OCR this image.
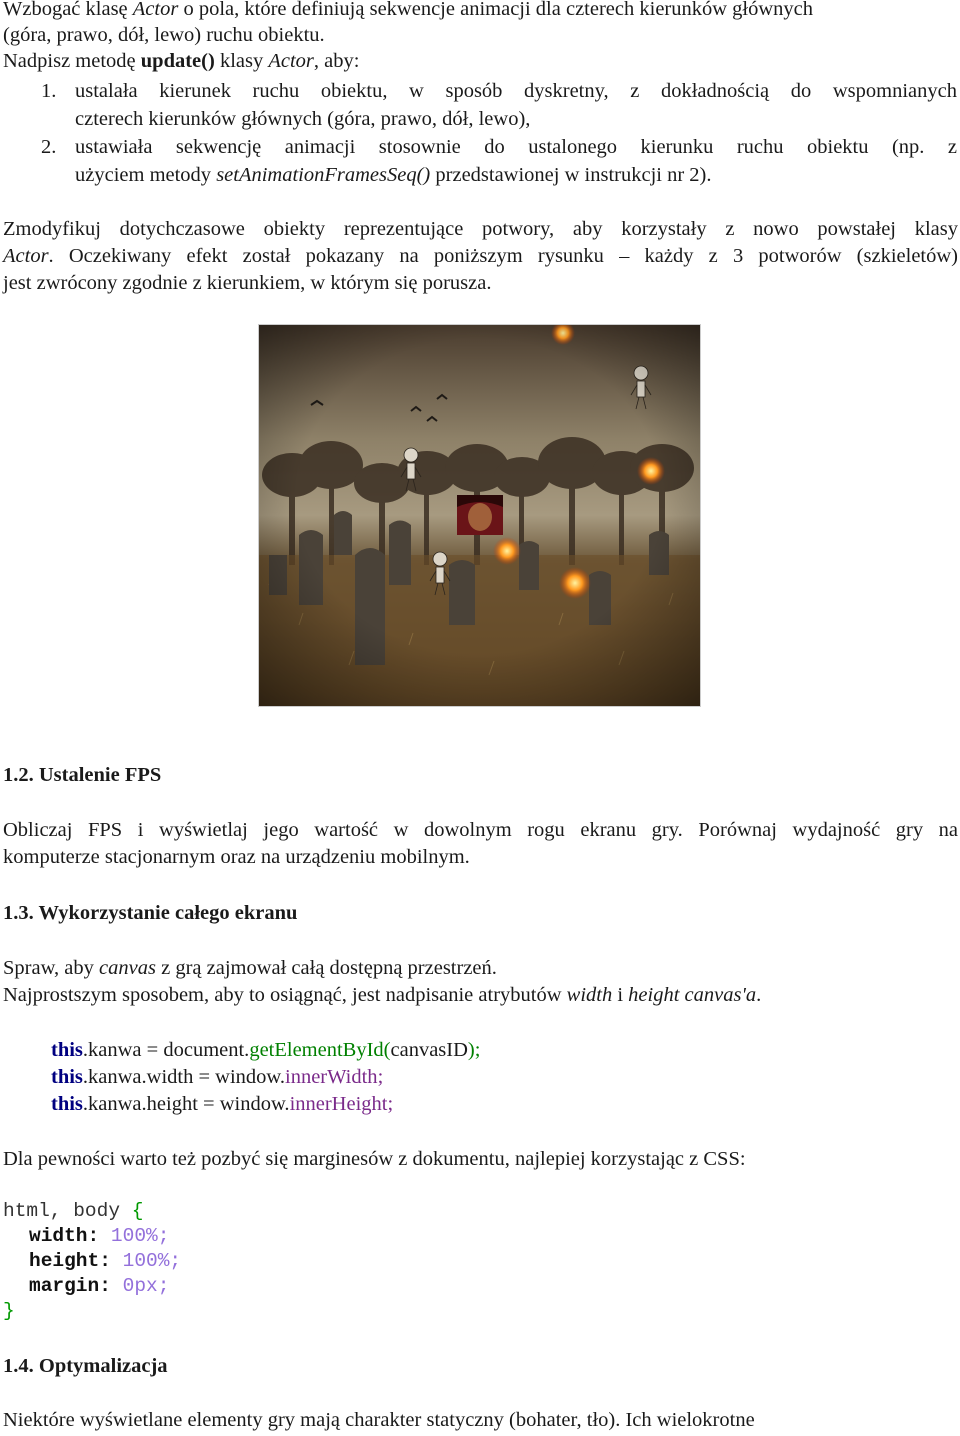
Wzbogać klasę Actor o pola, które definiują sekwencje animacji dla czterech kierunków głównych
(góra, prawo, dół, lewo) ruchu obiektu.
Nadpisz metodę update() klasy Actor, aby:
1. ustalała kierunek ruchu obiektu, w sposób dyskretny, z dokładnością do wspomnianych
czterech kierunków głównych (góra, prawo, dół, lewo),
2. ustawiała sekwencję animacji stosownie do ustalonego kierunku ruchu obiektu (np. z
użyciem metody setAnimationFramesSeq() przedstawionej w instrukcji nr 2).
Zmodyfikuj dotychczasowe obiekty reprezentujące potwory, aby korzystały z nowo powstałej klasy
Actor. Oczekiwany efekt został pokazany na poniższym rysunku – każdy z 3 potworów (szkieletów)
jest zwrócony zgodnie z kierunkiem, w którym się porusza.
1.2. Ustalenie FPS
Obliczaj FPS i wyświetlaj jego wartość w dowolnym rogu ekranu gry. Porównaj wydajność gry na
komputerze stacjonarnym oraz na urządzeniu mobilnym.
1.3. Wykorzystanie całego ekranu
Spraw, aby canvas z grą zajmował całą dostępną przestrzeń.
Najprostszym sposobem, aby to osiągnąć, jest nadpisanie atrybutów width i height canvas'a.
this.kanwa = document.getElementById(canvasID);
this.kanwa.width = window.innerWidth;
this.kanwa.height = window.innerHeight;
Dla pewności warto też pozbyć się marginesów z dokumentu, najlepiej korzystając z CSS:
html, body {
width: 100%;
height: 100%;
margin: 0px;
}
1.4. Optymalizacja
Niektóre wyświetlane elementy gry mają charakter statyczny (bohater, tło). Ich wielokrotne
